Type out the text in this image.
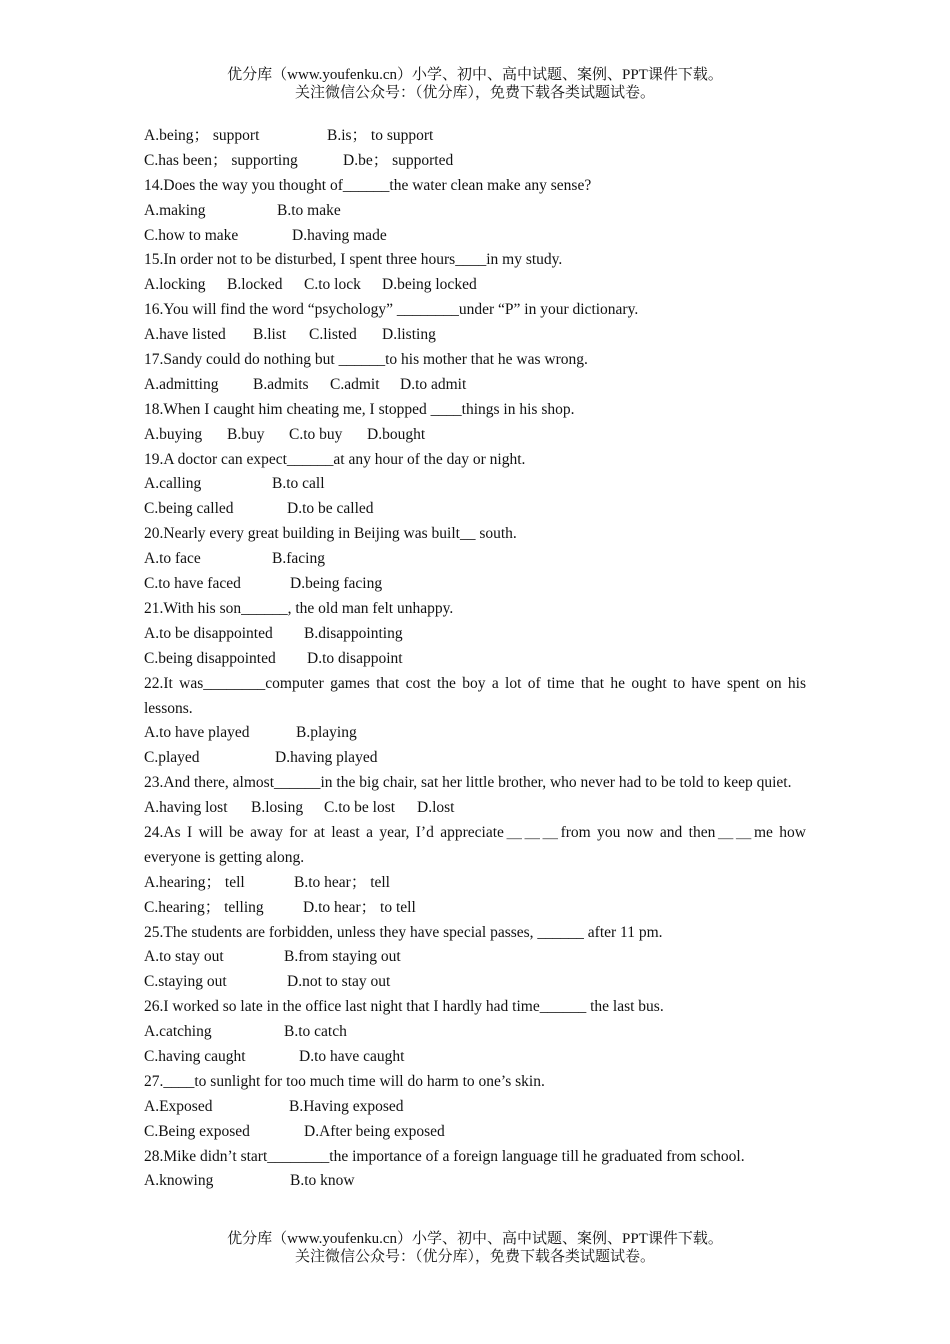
优分库（www.youfenku.cn）小学、初中、高中试题、案例、PPT课件下载。
关注微信公众号：（优分库），免费下载各类试题试卷。
A.being； support	B.is； to support
C.has been； supporting	D.be； supported
14.Does the way you thought of______the water clean make any sense?
A.making	B.to make
C.how to make	D.having made
15.In order not to be disturbed, I spent three hours____in my study.
A.locking B.locked C.to lock D.being locked
16.You will find the word “psychology” ________under “P” in your dictionary.
A.have listed B.list C.listed D.listing
17.Sandy could do nothing but ______to his mother that he was wrong.
A.admitting B.admits C.admit D.to admit
18.When I caught him cheating me, I stopped ____things in his shop.
A.buying B.buy C.to buy D.bought
19.A doctor can expect______at any hour of the day or night.
A.calling	B.to call
C.being called	D.to be called
20.Nearly every great building in Beijing was built__ south.
A.to face	B.facing
C.to have faced	D.being facing
21.With his son______, the old man felt unhappy.
A.to be disappointed B.disappointing
C.being disappointed D.to disappoint
22.It was________computer games that cost the boy a lot of time that he ought to have spent on his lessons.
A.to have played	B.playing
C.played	D.having played
23.And there, almost______in the big chair, sat her little brother, who never had to be told to keep quiet.
A.having lost B.losing C.to be lost D.lost
24.As I will be away for at least a year, I’d appreciate＿＿＿from you now and then＿＿me how everyone is getting along.
A.hearing； tell	B.to hear； tell
C.hearing； telling	D.to hear； to tell
25.The students are forbidden, unless they have special passes, ______ after 11 pm.
A.to stay out	B.from staying out
C.staying out	D.not to stay out
26.I worked so late in the office last night that I hardly had time______ the last bus.
A.catching	B.to catch
C.having caught	D.to have caught
27.____to sunlight for too much time will do harm to one’s skin.
A.Exposed	B.Having exposed
C.Being exposed	D.After being exposed
28.Mike didn’t start________the importance of a foreign language till he graduated from school.
A.knowing	B.to know
优分库（www.youfenku.cn）小学、初中、高中试题、案例、PPT课件下载。
关注微信公众号：（优分库），免费下载各类试题试卷。
